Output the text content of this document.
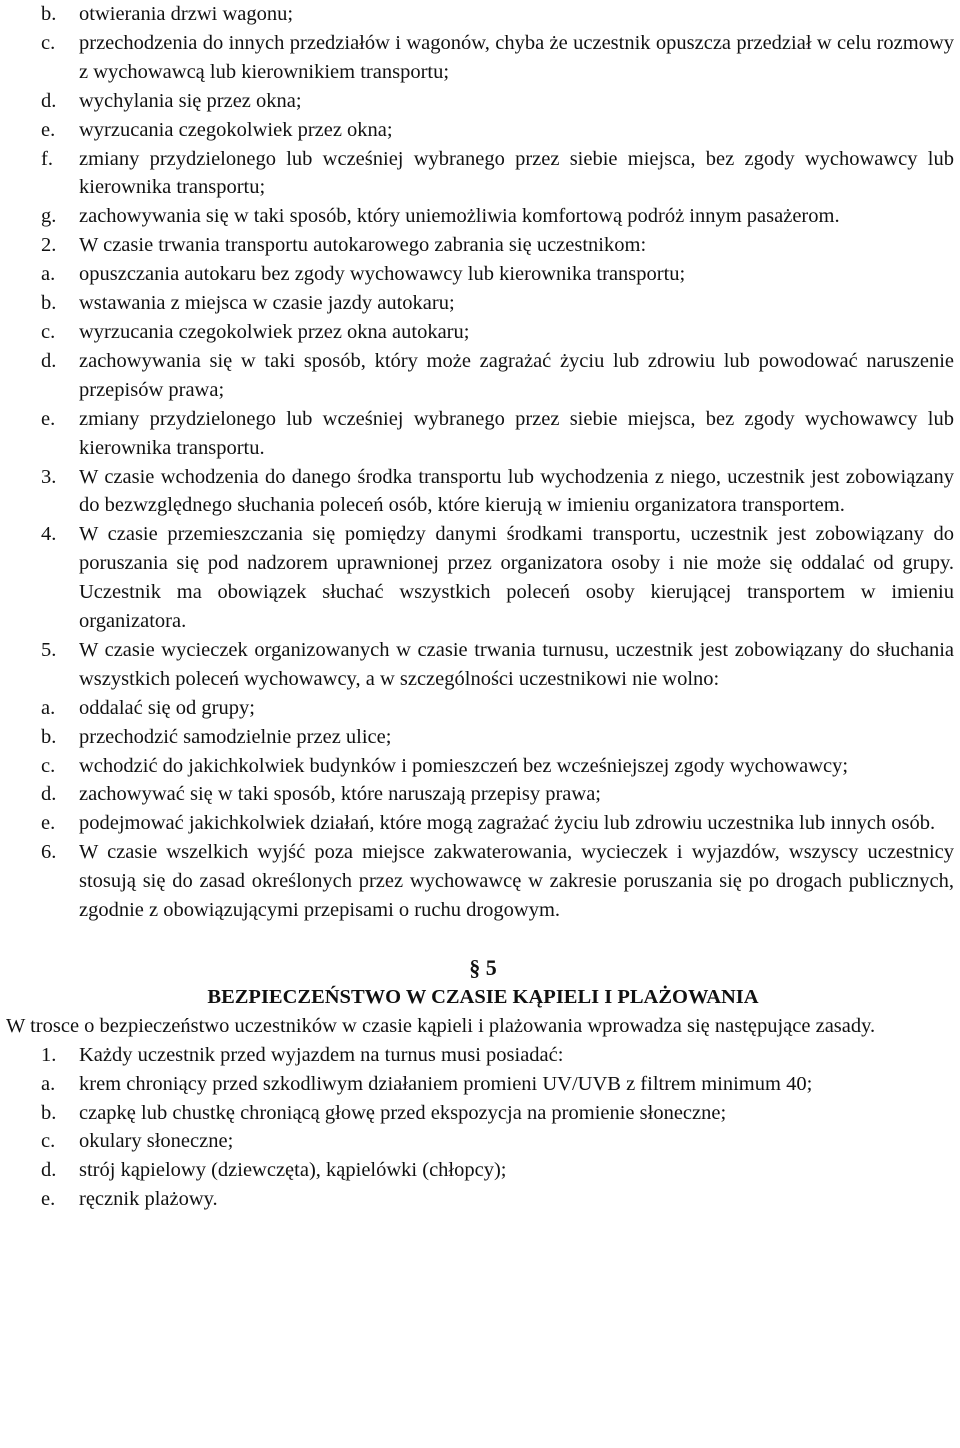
b. otwierania drzwi wagonu;
c. przechodzenia do innych przedziałów i wagonów, chyba że uczestnik opuszcza przedział w celu rozmowy z wychowawcą lub kierownikiem transportu;
d. wychylania się przez okna;
e. wyrzucania czegokolwiek przez okna;
f. zmiany przydzielonego lub wcześniej wybranego przez siebie miejsca, bez zgody wychowawcy lub kierownika transportu;
g. zachowywania się w taki sposób, który uniemożliwia komfortową podróż innym pasażerom.
2. W czasie trwania transportu autokarowego zabrania się uczestnikom:
a. opuszczania autokaru bez zgody wychowawcy lub kierownika transportu;
b. wstawania z miejsca w czasie jazdy autokaru;
c. wyrzucania czegokolwiek przez okna autokaru;
d. zachowywania się w taki sposób, który może zagrażać życiu lub zdrowiu lub powodować naruszenie przepisów prawa;
e. zmiany przydzielonego lub wcześniej wybranego przez siebie miejsca, bez zgody wychowawcy lub kierownika transportu.
3. W czasie wchodzenia do danego środka transportu lub wychodzenia z niego, uczestnik jest zobowiązany do bezwzględnego słuchania poleceń osób, które kierują w imieniu organizatora transportem.
4. W czasie przemieszczania się pomiędzy danymi środkami transportu, uczestnik jest zobowiązany do poruszania się pod nadzorem uprawnionej przez organizatora osoby i nie może się oddalać od grupy. Uczestnik ma obowiązek słuchać wszystkich poleceń osoby kierującej transportem w imieniu organizatora.
5. W czasie wycieczek organizowanych w czasie trwania turnusu, uczestnik jest zobowiązany do słuchania wszystkich poleceń wychowawcy, a w szczególności uczestnikowi nie wolno:
a. oddalać się od grupy;
b. przechodzić samodzielnie przez ulice;
c. wchodzić do jakichkolwiek budynków i pomieszczeń bez wcześniejszej zgody wychowawcy;
d. zachowywać się w taki sposób, które naruszają przepisy prawa;
e. podejmować jakichkolwiek działań, które mogą zagrażać życiu lub zdrowiu uczestnika lub innych osób.
6. W czasie wszelkich wyjść poza miejsce zakwaterowania, wycieczek i wyjazdów, wszyscy uczestnicy stosują się do zasad określonych przez wychowawcę w zakresie poruszania się po drogach publicznych, zgodnie z obowiązującymi przepisami o ruchu drogowym.
§ 5
BEZPIECZEŃSTWO W CZASIE KĄPIELI I PLAŻOWANIA
W trosce o bezpieczeństwo uczestników w czasie kąpieli i plażowania wprowadza się następujące zasady.
1. Każdy uczestnik przed wyjazdem na turnus musi posiadać:
a. krem chroniący przed szkodliwym działaniem promieni UV/UVB z filtrem minimum 40;
b. czapkę lub chustkę chroniącą głowę przed ekspozycja na promienie słoneczne;
c. okulary słoneczne;
d. strój kąpielowy (dziewczęta), kąpielówki (chłopcy);
e. ręcznik plażowy.
